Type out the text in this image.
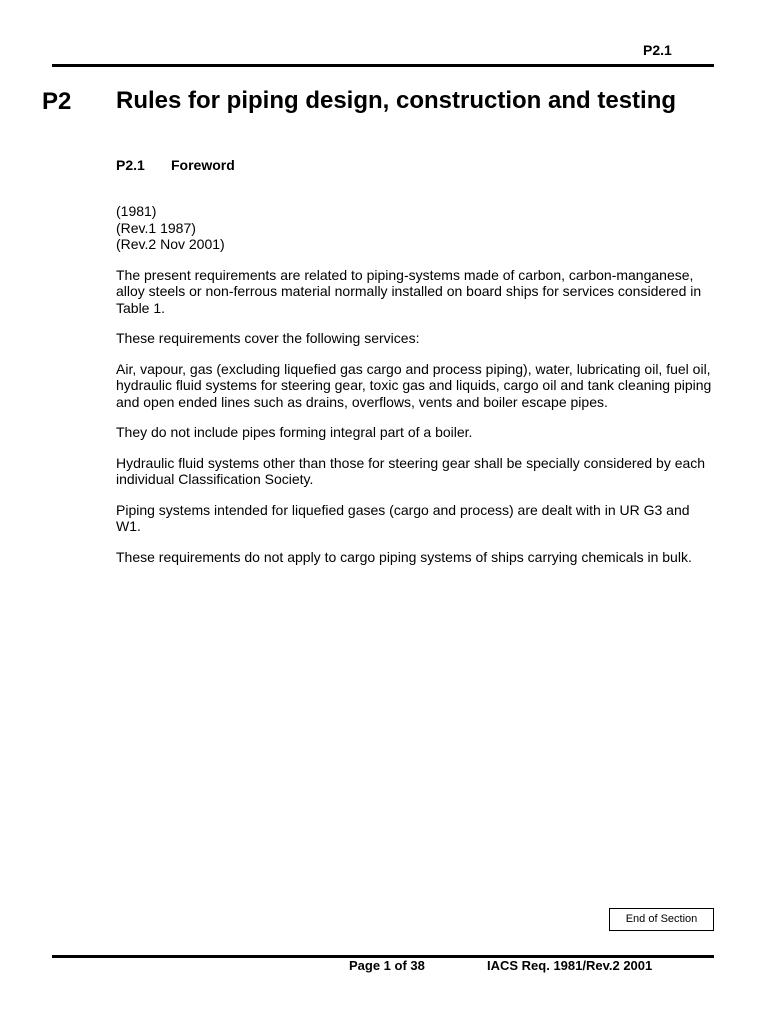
P2.1
P2 Rules for piping design, construction and testing
P2.1 Foreword

(1981)
(Rev.1 1987)
(Rev.2 Nov 2001)

The present requirements are related to piping-systems made of carbon, carbon-manganese, alloy steels or non-ferrous material normally installed on board ships for services considered in Table 1.

These requirements cover the following services:

Air, vapour, gas (excluding liquefied gas cargo and process piping), water, lubricating oil, fuel oil, hydraulic fluid systems for steering gear, toxic gas and liquids, cargo oil and tank cleaning piping and open ended lines such as drains, overflows, vents and boiler escape pipes.

They do not include pipes forming integral part of a boiler.

Hydraulic fluid systems other than those for steering gear shall be specially considered by each individual Classification Society.

Piping systems intended for liquefied gases (cargo and process) are dealt with in UR G3 and W1.

These requirements do not apply to cargo piping systems of ships carrying chemicals in bulk.

End of Section
Page 1 of 38	IACS Req. 1981/Rev.2 2001
